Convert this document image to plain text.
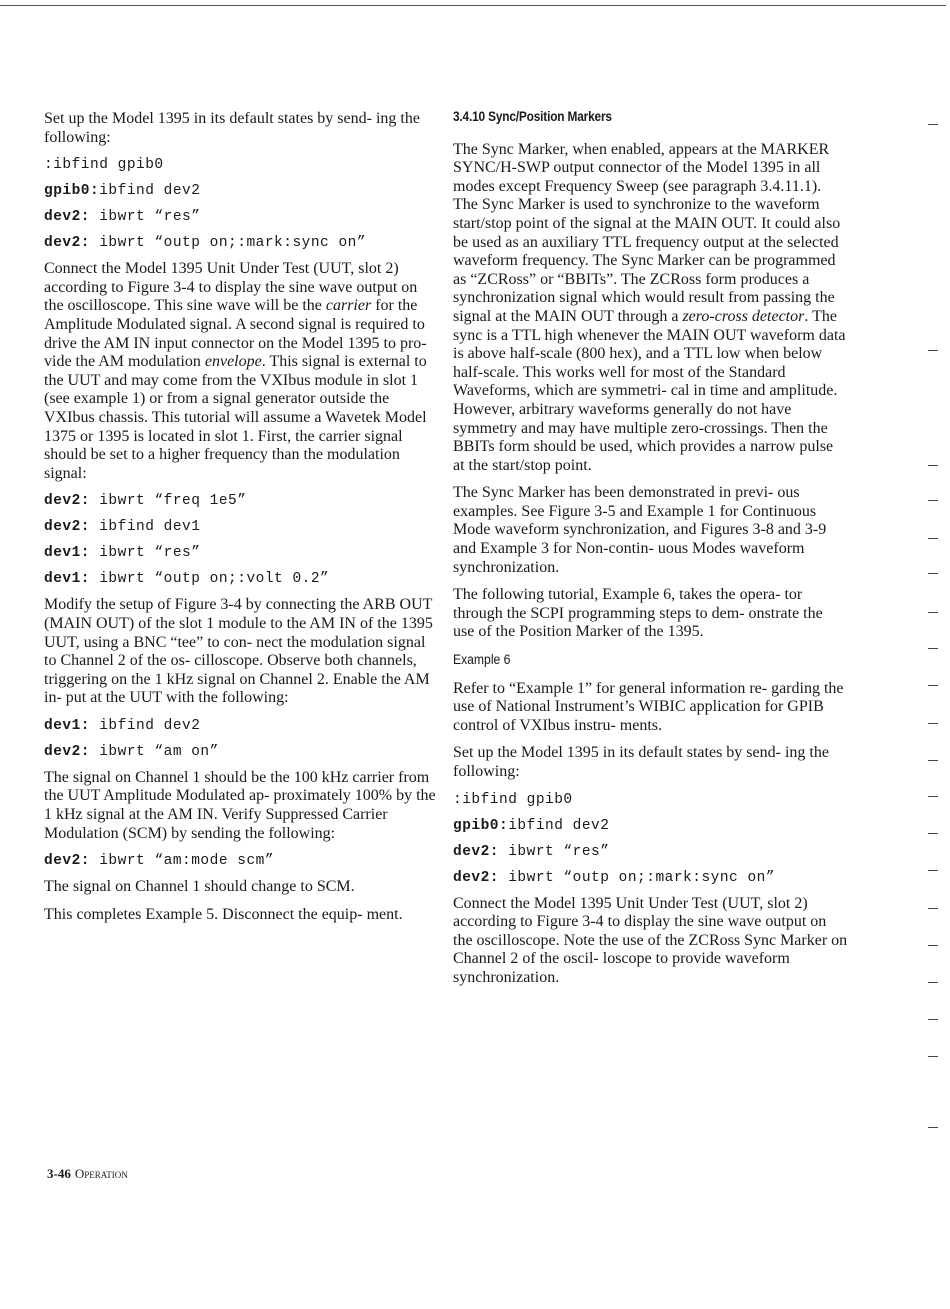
Set up the Model 1395 in its default states by send- ing the following:

:ibfind gpib0
gpib0:ibfind dev2
dev2: ibwrt “res”
dev2: ibwrt “outp on;:mark:sync on”

Connect the Model 1395 Unit Under Test (UUT, slot 2) according to Figure 3-4 to display the sine wave output on the oscilloscope. This sine wave will be the carrier for the Amplitude Modulated signal. A second signal is required to drive the AM IN input connector on the Model 1395 to pro- vide the AM modulation envelope. This signal is external to the UUT and may come from the VXIbus module in slot 1 (see example 1) or from a signal generator outside the VXIbus chassis. This tutorial will assume a Wavetek Model 1375 or 1395 is located in slot 1. First, the carrier signal should be set to a higher frequency than the modulation signal:

dev2: ibwrt “freq 1e5”
dev2: ibfind dev1
dev1: ibwrt “res”
dev1: ibwrt “outp on;:volt 0.2”

Modify the setup of Figure 3-4 by connecting the ARB OUT (MAIN OUT) of the slot 1 module to the AM IN of the 1395 UUT, using a BNC “tee” to con- nect the modulation signal to Channel 2 of the os- cilloscope. Observe both channels, triggering on the 1 kHz signal on Channel 2. Enable the AM in- put at the UUT with the following:

dev1: ibfind dev2
dev2: ibwrt “am on”

The signal on Channel 1 should be the 100 kHz carrier from the UUT Amplitude Modulated ap- proximately 100% by the 1 kHz signal at the AM IN. Verify Suppressed Carrier Modulation (SCM) by sending the following:

dev2: ibwrt “am:mode scm”

The signal on Channel 1 should change to SCM.

This completes Example 5. Disconnect the equip- ment.

3.4.10 Sync/Position Markers

The Sync Marker, when enabled, appears at the MARKER SYNC/H-SWP output connector of the Model 1395 in all modes except Frequency Sweep (see paragraph 3.4.11.1). The Sync Marker is used to synchronize to the waveform start/stop point of the signal at the MAIN OUT. It could also be used as an auxiliary TTL frequency output at the selected waveform frequency. The Sync Marker can be programmed as “ZCRoss” or “BBITs”. The ZCRoss form produces a synchronization signal which would result from passing the signal at the MAIN OUT through a zero-cross detector. The sync is a TTL high whenever the MAIN OUT waveform data is above half-scale (800 hex), and a TTL low when below half-scale. This works well for most of the Standard Waveforms, which are symmetri- cal in time and amplitude. However, arbitrary waveforms generally do not have symmetry and may have multiple zero-crossings. Then the BBITs form should be used, which provides a narrow pulse at the start/stop point.

The Sync Marker has been demonstrated in previ- ous examples. See Figure 3-5 and Example 1 for Continuous Mode waveform synchronization, and Figures 3-8 and 3-9 and Example 3 for Non-contin- uous Modes waveform synchronization.

The following tutorial, Example 6, takes the opera- tor through the SCPI programming steps to dem- onstrate the use of the Position Marker of the 1395.

Example 6

Refer to “Example 1” for general information re- garding the use of National Instrument’s WIBIC application for GPIB control of VXIbus instru- ments.

Set up the Model 1395 in its default states by send- ing the following:

:ibfind gpib0
gpib0:ibfind dev2
dev2: ibwrt “res”
dev2: ibwrt “outp on;:mark:sync on”

Connect the Model 1395 Unit Under Test (UUT, slot 2) according to Figure 3-4 to display the sine wave output on the oscilloscope. Note the use of the ZCRoss Sync Marker on Channel 2 of the oscil- loscope to provide waveform synchronization.

3-46 Operation
